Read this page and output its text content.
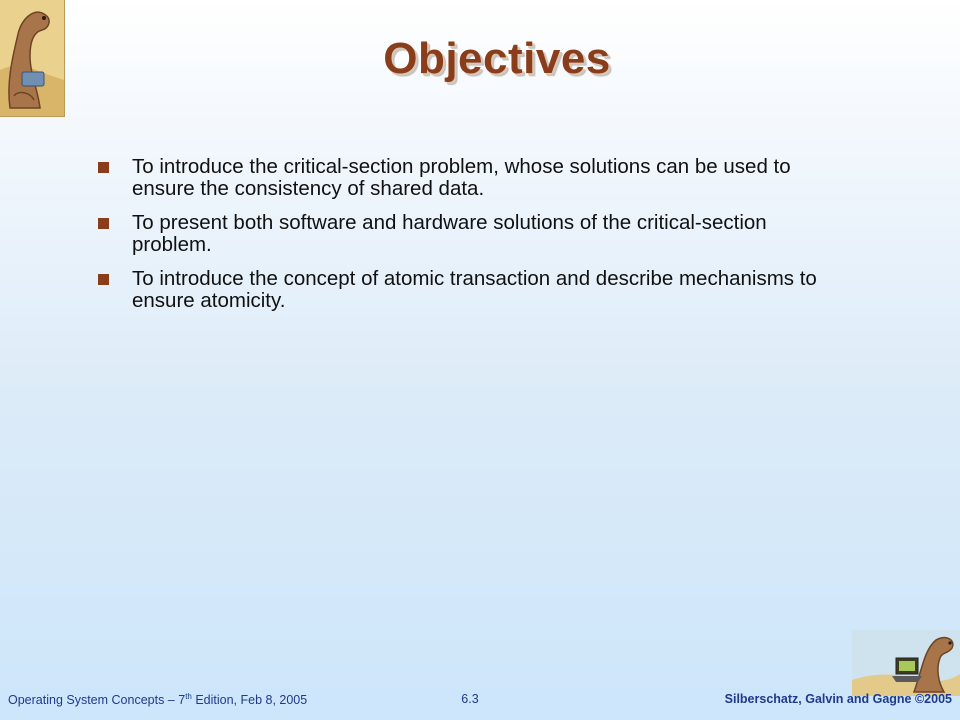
Objectives
To introduce the critical-section problem, whose solutions can be used to ensure the consistency of shared data.
To present both software and hardware solutions of the critical-section problem.
To introduce the concept of atomic transaction and describe mechanisms to ensure atomicity.
Operating System Concepts – 7th Edition, Feb 8, 2005	6.3	Silberschatz, Galvin and Gagne ©2005
